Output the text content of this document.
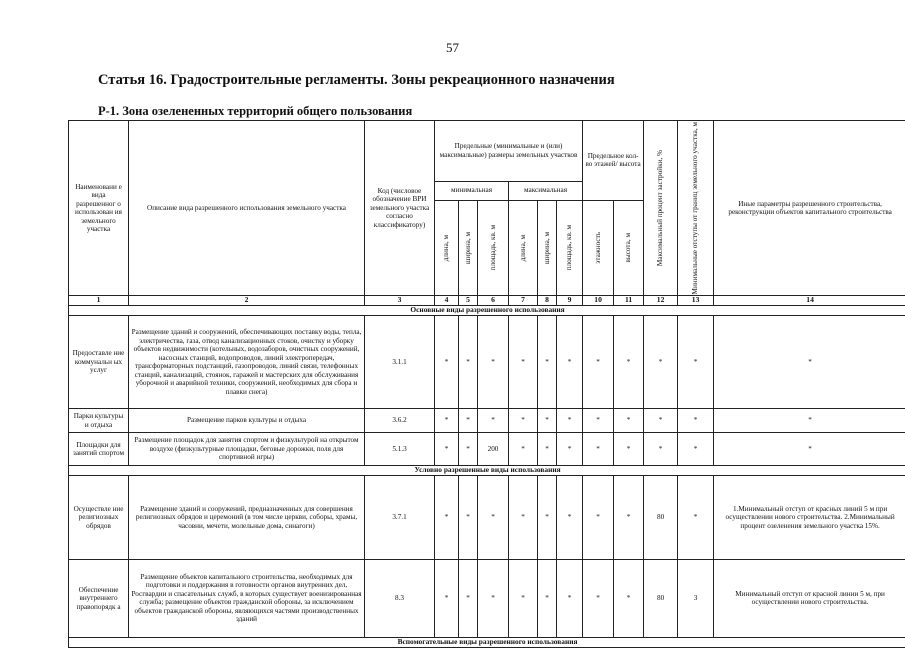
57
Статья 16. Градостроительные регламенты. Зоны рекреационного назначения
Р-1. Зона озелененных территорий общего пользования
Наименовани е вида разрешенног о использован ия земельного участка	Описание вида разрешенного использования земельного участка	Код (числовое обозначение ВРИ земельного участка согласно классификатору)	Предельные (минимальные и (или) максимальные) размеры земельных участков						Предельное кол-во этажей/ высота		Максимальный процент застройки, %	Минимальные отступы от границ земельного участка, м	Иные параметры разрешенного строительства, реконструкции объектов капитального строительства
			минимальная			максимальная							

			длина, м	ширина, м	площадь, кв. м	длина, м	ширина, м	площадь, кв. м	этажность	высота, м			

1	2	3	4	5	6	7	8	9	10	11	12	13	14
Основные виды разрешенного использования													
Предоставле ние коммунальн ых услуг	Размещение зданий и сооружений, обеспечивающих поставку воды, тепла, электричества, газа, отвод канализационных стоков, очистку и уборку объектов недвижимости (котельных, водозаборов, очистных сооружений, насосных станций, водопроводов, линий электропередач, трансформаторных подстанций, газопроводов, линий связи, телефонных станций, канализаций, стоянок, гаражей и мастерских для обслуживания уборочной и аварийной техники, сооружений, необходимых для сбора и плавки снега)	3.1.1	*	*	*	*	*	*	*	*	*	*	*
Парки культуры и отдыха	Размещение парков культуры и отдыха	3.6.2	*	*	*	*	*	*	*	*	*	*	*
Площадки для занятий спортом	Размещение площадок для занятия спортом и физкультурой на открытом воздухе (физкультурные площадки, беговые дорожки, поля для спортивной игры)	5.1.3	*	*	200	*	*	*	*	*	*	*	*
Условно разрешенные виды использования													
Осуществле ние религиозных обрядов	Размещение зданий и сооружений, предназначенных для совершения религиозных обрядов и церемоний (в том числе церкви, соборы, храмы, часовни, мечети, молельные дома, синагоги)	3.7.1	*	*	*	*	*	*	*	*	80	*	1.Минимальный отступ от красных линий 5 м при осуществлении нового строительства. 2.Минимальный процент озеленения земельного участка 15%.
Обеспечение внутреннего правопорядк а	Размещение объектов капитального строительства, необходимых для подготовки и поддержания в готовности органов внутренних дел, Росгвардии и спасательных служб, в которых существует военизированная служба; размещение объектов гражданской обороны, за исключением объектов гражданской обороны, являющихся частями производственных зданий	8.3	*	*	*	*	*	*	*	*	80	3	Минимальный отступ от красной линии 5 м, при осуществлении нового строительства.
Вспомогательные виды разрешенного использования													
